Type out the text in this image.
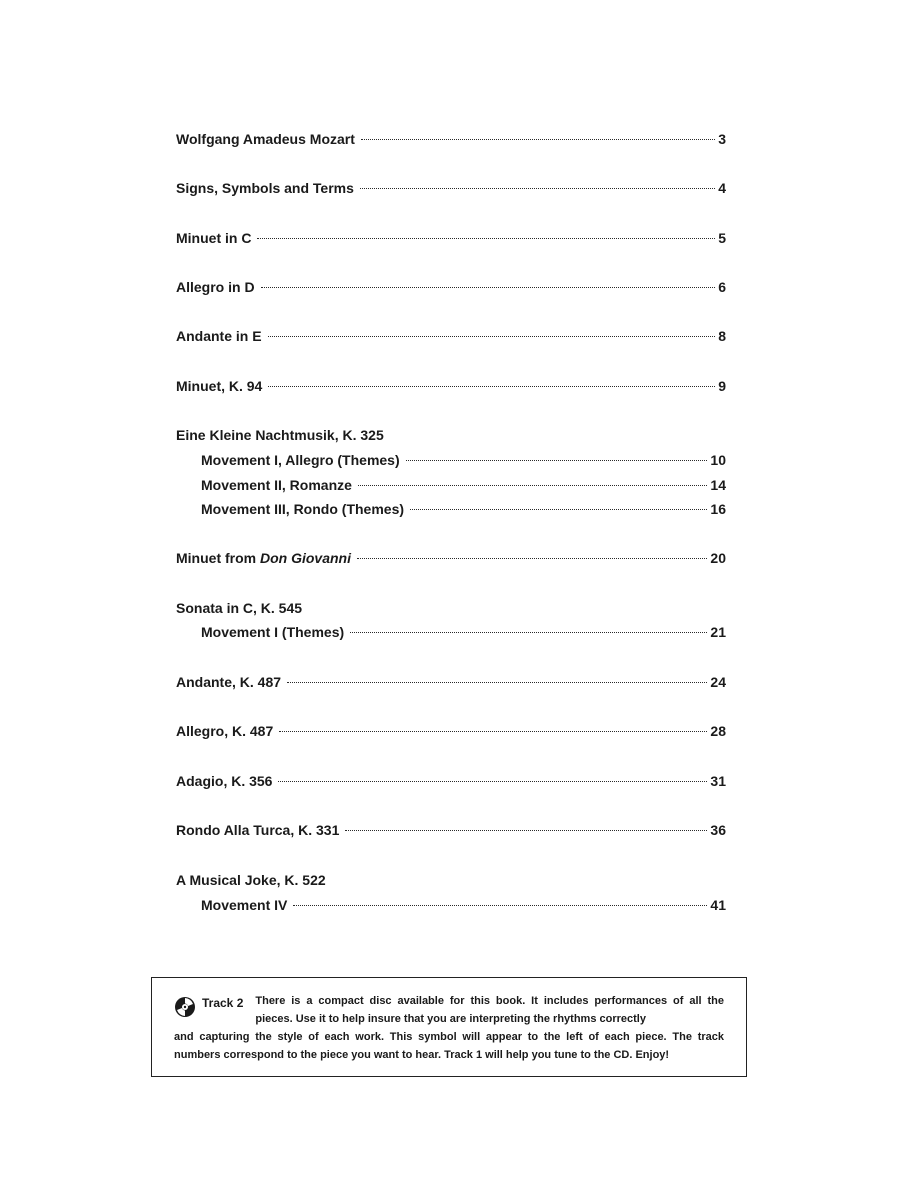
Wolfgang Amadeus Mozart	3
Signs, Symbols and Terms	4
Minuet in C	5
Allegro in D	6
Andante in E	8
Minuet, K. 94	9
Eine Kleine Nachtmusik, K. 325
Movement I, Allegro (Themes)	10
Movement II, Romanze	14
Movement III, Rondo (Themes)	16
Minuet from Don Giovanni	20
Sonata in C, K. 545
Movement I (Themes)	21
Andante, K. 487	24
Allegro, K. 487	28
Adagio, K. 356	31
Rondo Alla Turca, K. 331	36
A Musical Joke, K. 522
Movement IV	41
Track 2 There is a compact disc available for this book. It includes performances of all the pieces. Use it to help insure that you are interpreting the rhythms correctly
and capturing the style of each work. This symbol will appear to the left of each piece. The track numbers correspond to the piece you want to hear. Track 1 will help you tune to the CD. Enjoy!
